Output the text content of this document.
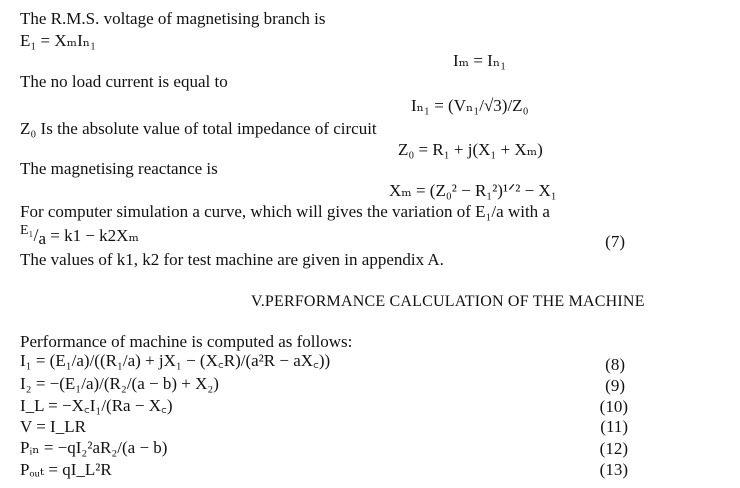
The R.M.S. voltage of magnetising branch is
E₁ = XₘIₙ₁
Iₘ = Iₙ₁
The no load current is equal to
Iₙ₁ = (Vₙ₁/√3)/Z₀
Z₀ Is the absolute value of total impedance of circuit
Z₀ = R₁ + j(X₁ + Xₘ)
The magnetising reactance is
Xₘ = (Z₀² − R₁²)¹ᐟ² − X₁
For computer simulation a curve, which will gives the variation of E₁/a with a
$^{E_1}$/a = k1 − k2Xₘ	(7)
The values of k1, k2 for test machine are given in appendix A.
V.PERFORMANCE CALCULATION OF THE MACHINE
Performance of machine is computed as follows:
I₁ = (E₁/a)/((R₁/a) + jX₁ − (X꜀R)/(a²R − aX꜀))	(8)
I₂ = −(E₁/a)/(R₂/(a − b) + X₂)	(9)
I_L = −X꜀I₁/(Ra − X꜀)	(10)
V = I_LR	(11)
Pᵢₙ = −qI₂²aR₂/(a − b)	(12)
Pₒᵤₜ = qI_L²R	(13)
